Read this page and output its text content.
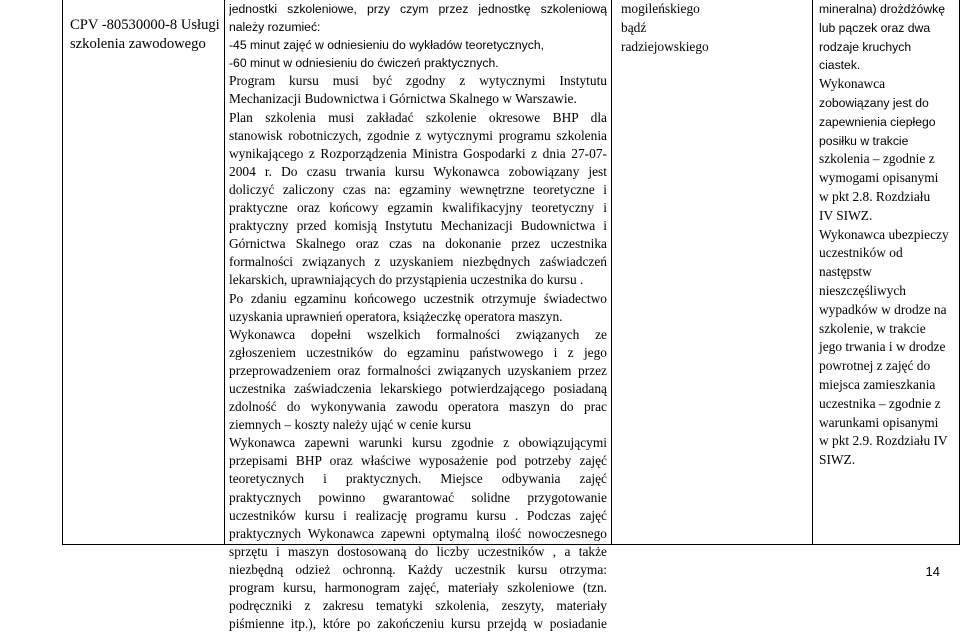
CPV -80530000-8 Usługi
szkolenia zawodowego
jednostki szkoleniowe, przy czym przez jednostkę szkoleniową
należy rozumieć:
-45 minut zajęć w odniesieniu do wykładów teoretycznych,
-60 minut w odniesieniu do ćwiczeń praktycznych.
Program kursu musi być zgodny z wytycznymi Instytutu
Mechanizacji Budownictwa i Górnictwa Skalnego w Warszawie.
Plan szkolenia musi zakładać szkolenie okresowe BHP dla
stanowisk robotniczych, zgodnie z wytycznymi programu szkolenia
wynikającego z Rozporządzenia Ministra Gospodarki z dnia 27-07-
2004 r. Do czasu trwania kursu Wykonawca zobowiązany jest
doliczyć zaliczony czas na: egzaminy wewnętrzne teoretyczne i
praktyczne oraz końcowy egzamin kwalifikacyjny teoretyczny i
praktyczny przed komisją Instytutu Mechanizacji Budownictwa i
Górnictwa Skalnego oraz czas na dokonanie przez uczestnika
formalności związanych z uzyskaniem niezbędnych zaświadczeń
lekarskich, uprawniających do przystąpienia uczestnika do kursu .
Po zdaniu egzaminu końcowego uczestnik otrzymuje świadectwo
uzyskania uprawnień operatora, książeczkę operatora maszyn.
Wykonawca dopełni wszelkich formalności związanych ze
zgłoszeniem uczestników do egzaminu państwowego i z jego
przeprowadzeniem oraz formalności związanych uzyskaniem przez
uczestnika zaświadczenia lekarskiego potwierdzającego posiadaną
zdolność do wykonywania zawodu operatora maszyn do prac
ziemnych – koszty należy ująć w cenie kursu
Wykonawca zapewni warunki kursu zgodnie z obowiązującymi
przepisami BHP oraz właściwe wyposażenie pod potrzeby zajęć
teoretycznych i praktycznych. Miejsce odbywania zajęć
praktycznych powinno gwarantować solidne przygotowanie
uczestników kursu i realizację programu kursu . Podczas zajęć
praktycznych Wykonawca zapewni optymalną ilość nowoczesnego
sprzętu i maszyn dostosowaną do liczby uczestników , a także
niezbędną odzież ochronną. Każdy uczestnik kursu otrzyma:
program kursu, harmonogram zajęć, materiały szkoleniowe (tzn.
podręczniki z zakresu tematyki szkolenia, zeszyty, materiały
piśmienne itp.), które po zakończeniu kursu przejdą w posiadanie
mogileńskiego
bądź
radziejowskiego
mineralna) drożdżówkę
lub pączek oraz dwa
rodzaje kruchych
ciastek.
Wykonawca
zobowiązany jest do
zapewnienia ciepłego
posiłku w trakcie
szkolenia – zgodnie z
wymogami opisanymi
w pkt 2.8. Rozdziału
IV SIWZ.
Wykonawca ubezpieczy
uczestników od
następstw
nieszczęśliwych
wypadków w drodze na
szkolenie, w trakcie
jego trwania i w drodze
powrotnej z zajęć do
miejsca zamieszkania
uczestnika – zgodnie z
warunkami opisanymi
w pkt 2.9. Rozdziału IV
SIWZ.
14
